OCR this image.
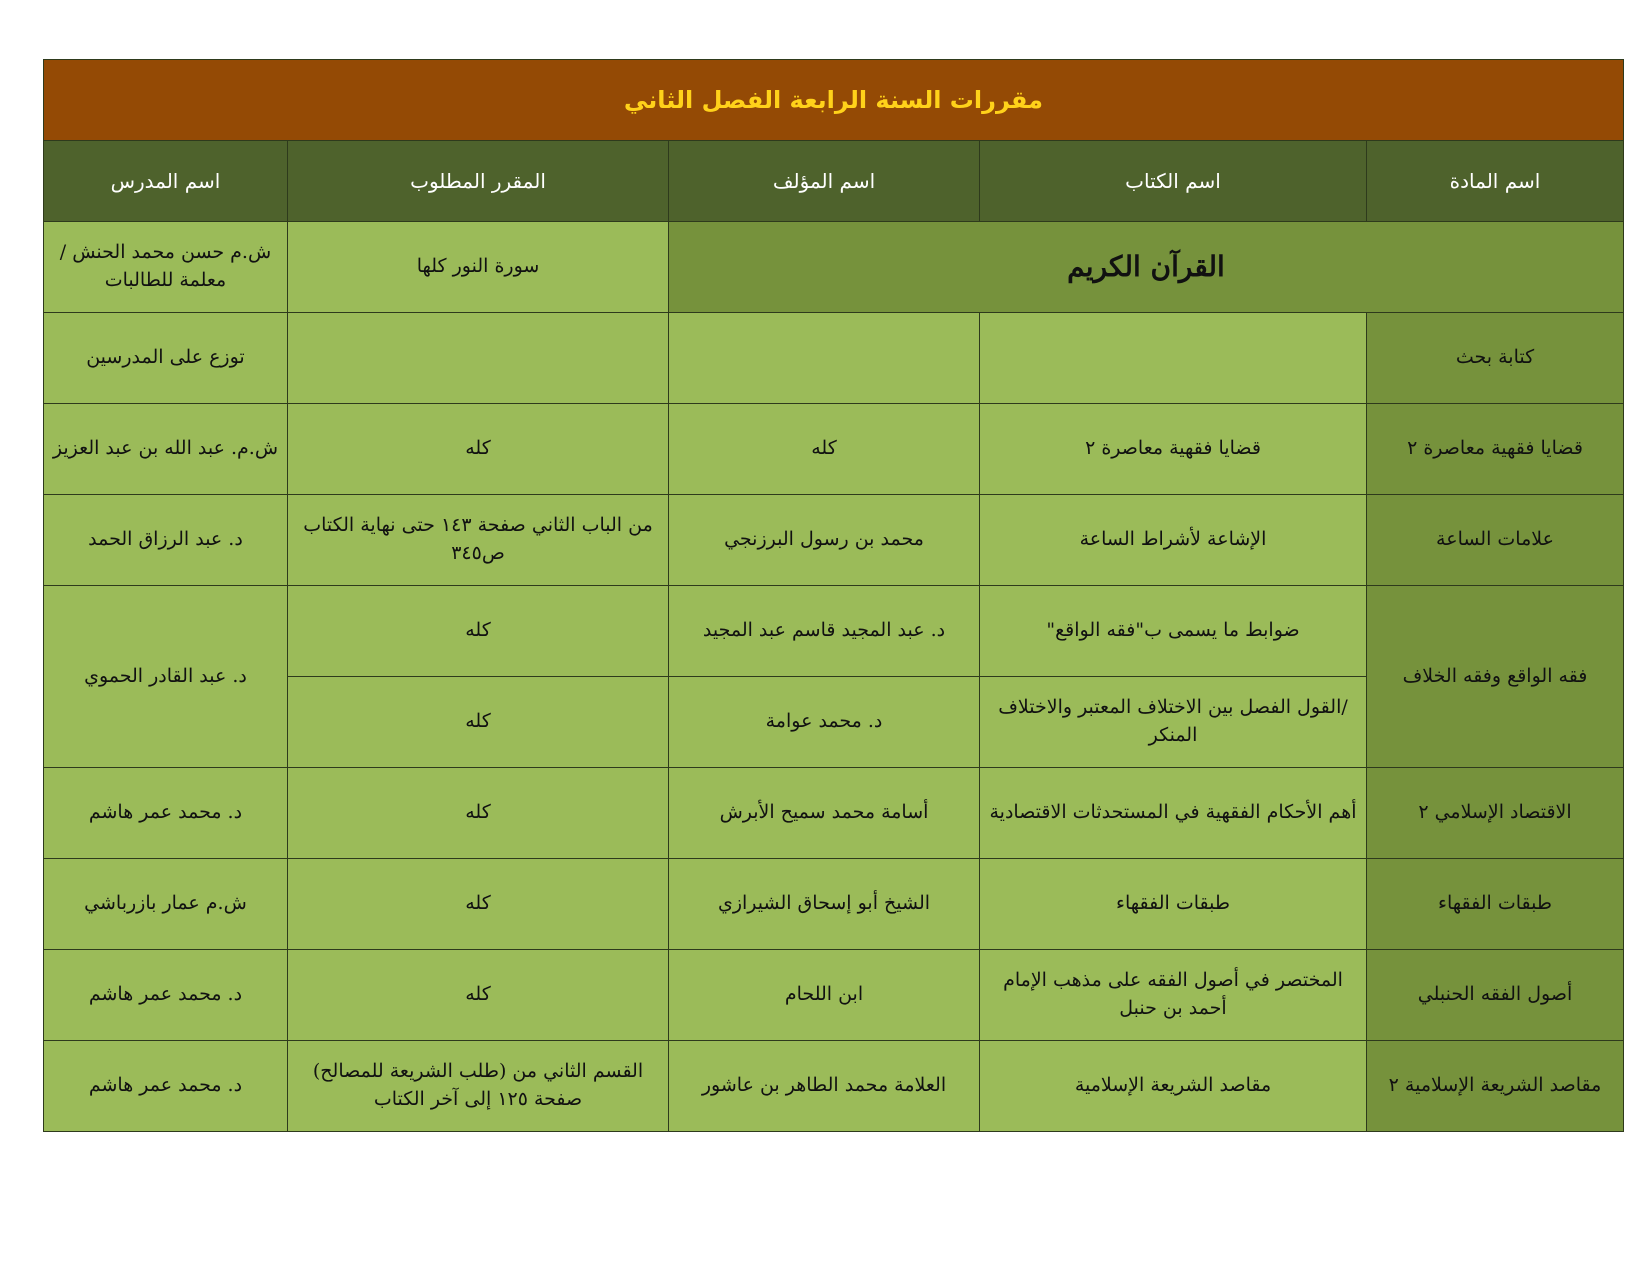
مقررات السنة الرابعة الفصل الثاني				
اسم المادة	اسم الكتاب	اسم المؤلف	المقرر المطلوب	اسم المدرس
القرآن الكريم			سورة النور كلها	ش.م حسن محمد الحنش / معلمة للطالبات
كتابة بحث				توزع على المدرسين
قضايا فقهية معاصرة ٢	قضايا فقهية معاصرة ٢	كله	كله	ش.م. عبد الله بن عبد العزيز
علامات الساعة	الإشاعة لأشراط الساعة	محمد بن رسول البرزنجي	من الباب الثاني صفحة ١٤٣ حتى نهاية الكتاب ص٣٤٥	د. عبد الرزاق الحمد
فقه الواقع وفقه الخلاف	ضوابط ما يسمى ب"فقه الواقع"	د. عبد المجيد قاسم عبد المجيد	كله	د. عبد القادر الحموي
	/القول الفصل بين الاختلاف المعتبر والاختلاف المنكر	د. محمد عوامة	كله	
الاقتصاد الإسلامي ٢	أهم الأحكام الفقهية في المستحدثات الاقتصادية	أسامة محمد سميح الأبرش	كله	د. محمد عمر هاشم
طبقات الفقهاء	طبقات الفقهاء	الشيخ أبو إسحاق الشيرازي	كله	ش.م عمار بازرباشي
أصول الفقه الحنبلي	المختصر في أصول الفقه على مذهب الإمام أحمد بن حنبل	ابن اللحام	كله	د. محمد عمر هاشم
مقاصد الشريعة الإسلامية ٢	مقاصد الشريعة الإسلامية	العلامة محمد الطاهر بن عاشور	القسم الثاني من (طلب الشريعة للمصالح) صفحة ١٢٥ إلى آخر الكتاب	د. محمد عمر هاشم
